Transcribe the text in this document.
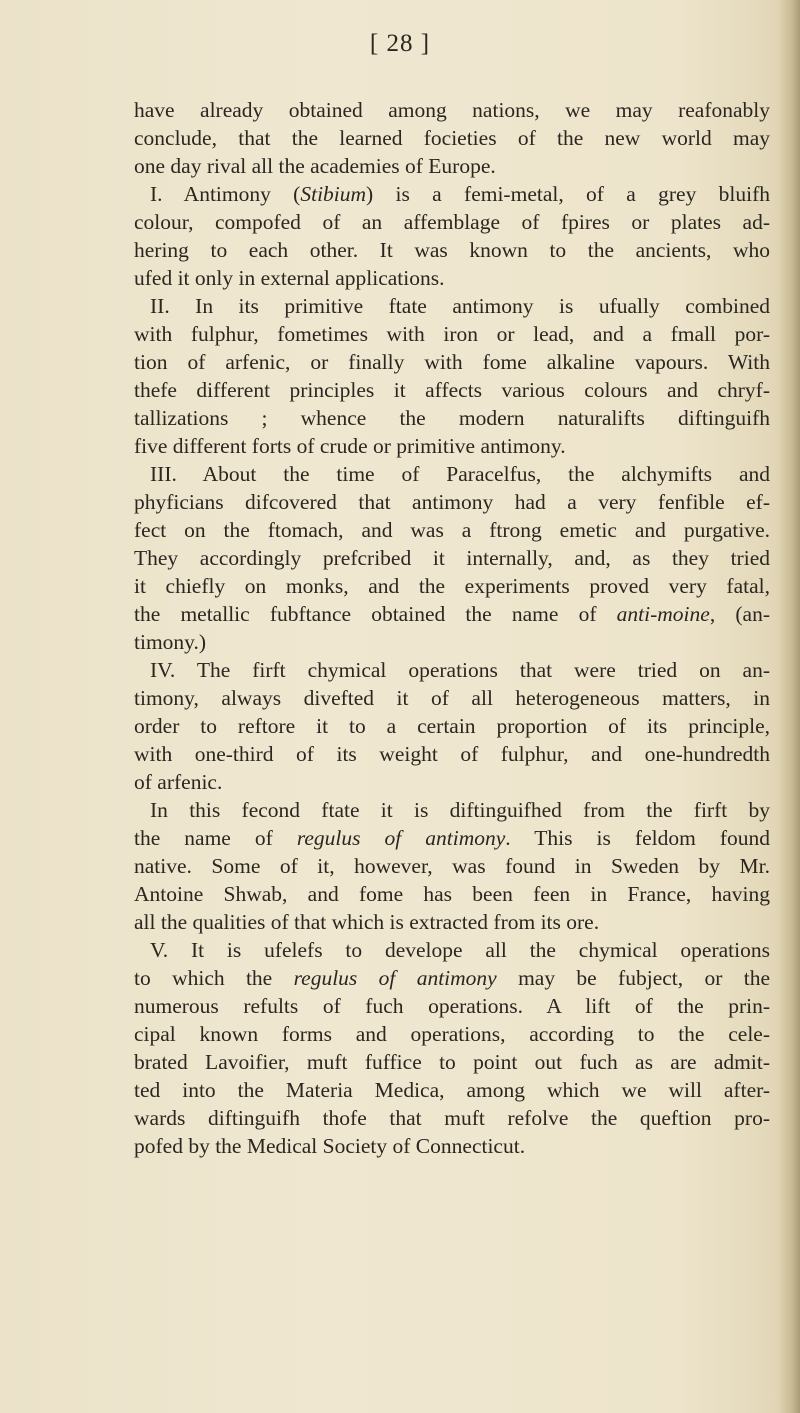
[ 28 ]
have already obtained among nations, we may reafonably
conclude, that the learned focieties of the new world may
one day rival all the academies of Europe.
I. Antimony (Stibium) is a femi-metal, of a grey bluifh
colour, compofed of an affemblage of fpires or plates ad-
hering to each other. It was known to the ancients, who
ufed it only in external applications.
II. In its primitive ftate antimony is ufually combined
with fulphur, fometimes with iron or lead, and a fmall por-
tion of arfenic, or finally with fome alkaline vapours. With
thefe different principles it affects various colours and chryf-
tallizations ; whence the modern naturalifts diftinguifh
five different forts of crude or primitive antimony.
III. About the time of Paracelfus, the alchymifts and
phyficians difcovered that antimony had a very fenfible ef-
fect on the ftomach, and was a ftrong emetic and purgative.
They accordingly prefcribed it internally, and, as they tried
it chiefly on monks, and the experiments proved very fatal,
the metallic fubftance obtained the name of anti-moine, (an-
timony.)
IV. The firft chymical operations that were tried on an-
timony, always divefted it of all heterogeneous matters, in
order to reftore it to a certain proportion of its principle,
with one-third of its weight of fulphur, and one-hundredth
of arfenic.
In this fecond ftate it is diftinguifhed from the firft by
the name of regulus of antimony. This is feldom found
native. Some of it, however, was found in Sweden by Mr.
Antoine Shwab, and fome has been feen in France, having
all the qualities of that which is extracted from its ore.
V. It is ufelefs to develope all the chymical operations
to which the regulus of antimony may be fubject, or the
numerous refults of fuch operations. A lift of the prin-
cipal known forms and operations, according to the cele-
brated Lavoifier, muft fuffice to point out fuch as are admit-
ted into the Materia Medica, among which we will after-
wards diftinguifh thofe that muft refolve the queftion pro-
pofed by the Medical Society of Connecticut.
